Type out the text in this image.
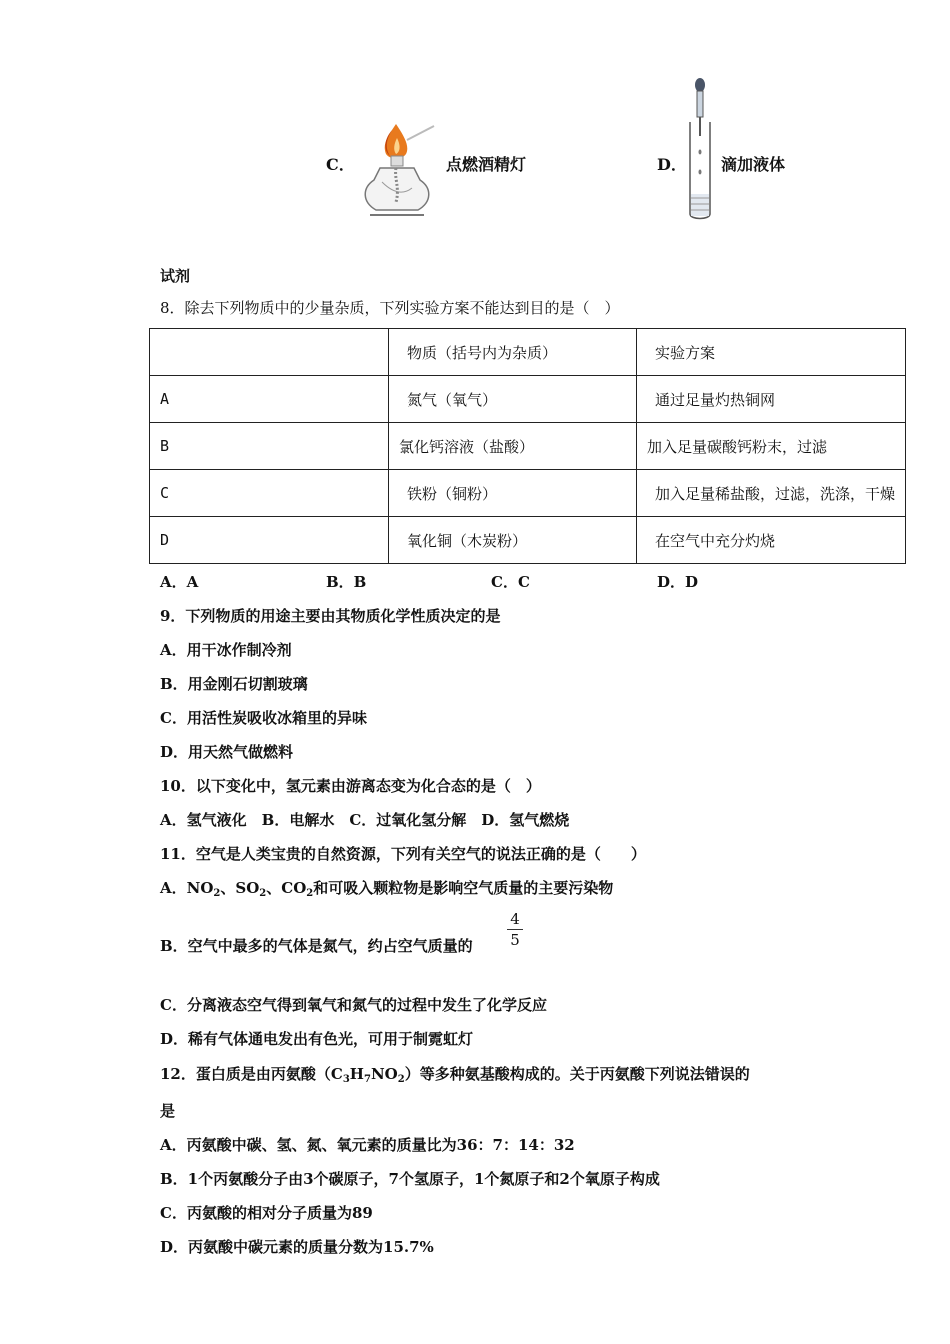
C．	点燃酒精灯	D． 滴加液体
试剂
8．除去下列物质中的少量杂质，下列实验方案不能达到目的是（　）
	物质（括号内为杂质）	实验方案
A	氮气（氧气）	通过足量灼热铜网
B	氯化钙溶液（盐酸）	加入足量碳酸钙粉末，过滤
C	铁粉（铜粉）	加入足量稀盐酸，过滤，洗涤，干燥
D	氧化铜（木炭粉）	在空气中充分灼烧
A．A	B．B	C．C	D．D
9．下列物质的用途主要由其物质化学性质决定的是
A．用干冰作制冷剂
B．用金刚石切割玻璃
C．用活性炭吸收冰箱里的异味
D．用天然气做燃料
10．以下变化中，氢元素由游离态变为化合态的是（　）
A．氢气液化　B．电解水　C．过氧化氢分解　D．氢气燃烧
11．空气是人类宝贵的自然资源，下列有关空气的说法正确的是（　　）
A．$NO_2$、$SO_2$、$CO_2$和可吸入颗粒物是影响空气质量的主要污染物
B．空气中最多的气体是氮气，约占空气质量的
4
5
C．分离液态空气得到氧气和氮气的过程中发生了化学反应
D．稀有气体通电发出有色光，可用于制霓虹灯
12．蛋白质是由丙氨酸$(C_3H_7NO_2)$等多种氨基酸构成的。关于丙氨酸下列说法错误的
是
A．丙氨酸中碳、氢、氮、氧元素的质量比为36：7：14：32
B．1个丙氨酸分子由3个碳原子，7个氢原子，1个氮原子和2个氧原子构成
C．丙氨酸的相对分子质量为89
D．丙氨酸中碳元素的质量分数为15.7%
